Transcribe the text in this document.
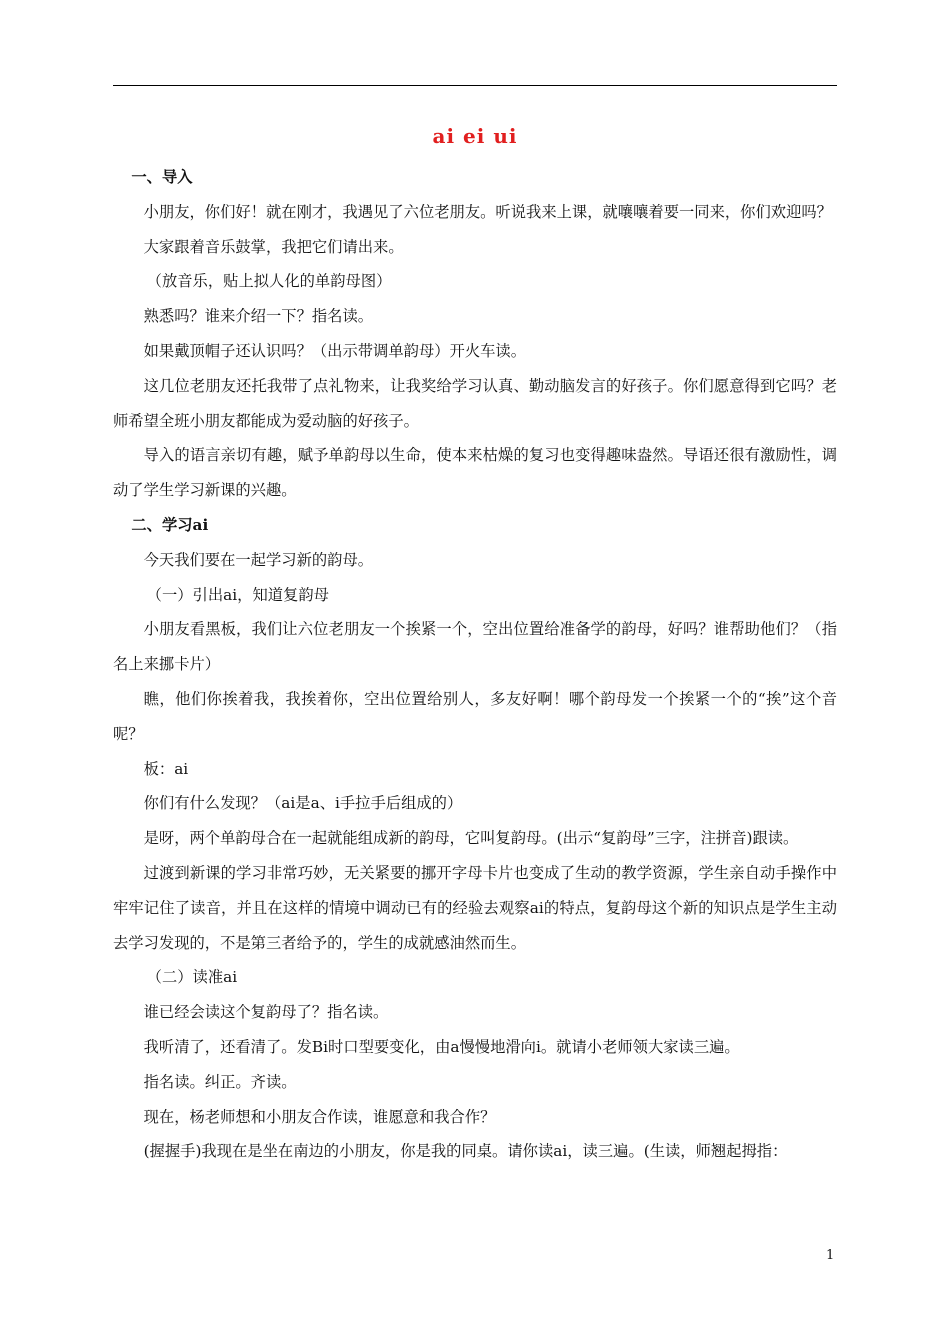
ai ei ui

一、导入

小朋友，你们好！就在刚才，我遇见了六位老朋友。听说我来上课，就嚷嚷着要一同来，你们欢迎吗？

大家跟着音乐鼓掌，我把它们请出来。

（放音乐，贴上拟人化的单韵母图）

熟悉吗？谁来介绍一下？指名读。

如果戴顶帽子还认识吗？（出示带调单韵母）开火车读。

这几位老朋友还托我带了点礼物来，让我奖给学习认真、勤动脑发言的好孩子。你们愿意得到它吗？老师希望全班小朋友都能成为爱动脑的好孩子。

导入的语言亲切有趣，赋予单韵母以生命，使本来枯燥的复习也变得趣味盎然。导语还很有激励性，调动了学生学习新课的兴趣。

二、学习ai

今天我们要在一起学习新的韵母。

（一）引出ai，知道复韵母

小朋友看黑板，我们让六位老朋友一个挨紧一个，空出位置给准备学的韵母，好吗？谁帮助他们？（指名上来挪卡片）

瞧，他们你挨着我，我挨着你，空出位置给别人，多友好啊！哪个韵母发一个挨紧一个的“挨”这个音呢？

板：ai

你们有什么发现？（ai是a、i手拉手后组成的）

是呀，两个单韵母合在一起就能组成新的韵母，它叫复韵母。(出示“复韵母”三字，注拼音)跟读。

过渡到新课的学习非常巧妙，无关紧要的挪开字母卡片也变成了生动的教学资源，学生亲自动手操作中牢牢记住了读音，并且在这样的情境中调动已有的经验去观察ai的特点，复韵母这个新的知识点是学生主动去学习发现的，不是第三者给予的，学生的成就感油然而生。

（二）读准ai

谁已经会读这个复韵母了？指名读。

我听清了，还看清了。发Bi时口型要变化，由a慢慢地滑向i。就请小老师领大家读三遍。

指名读。纠正。齐读。

现在，杨老师想和小朋友合作读，谁愿意和我合作？

(握握手)我现在是坐在南边的小朋友，你是我的同桌。请你读ai，读三遍。(生读，师翘起拇指：

1
